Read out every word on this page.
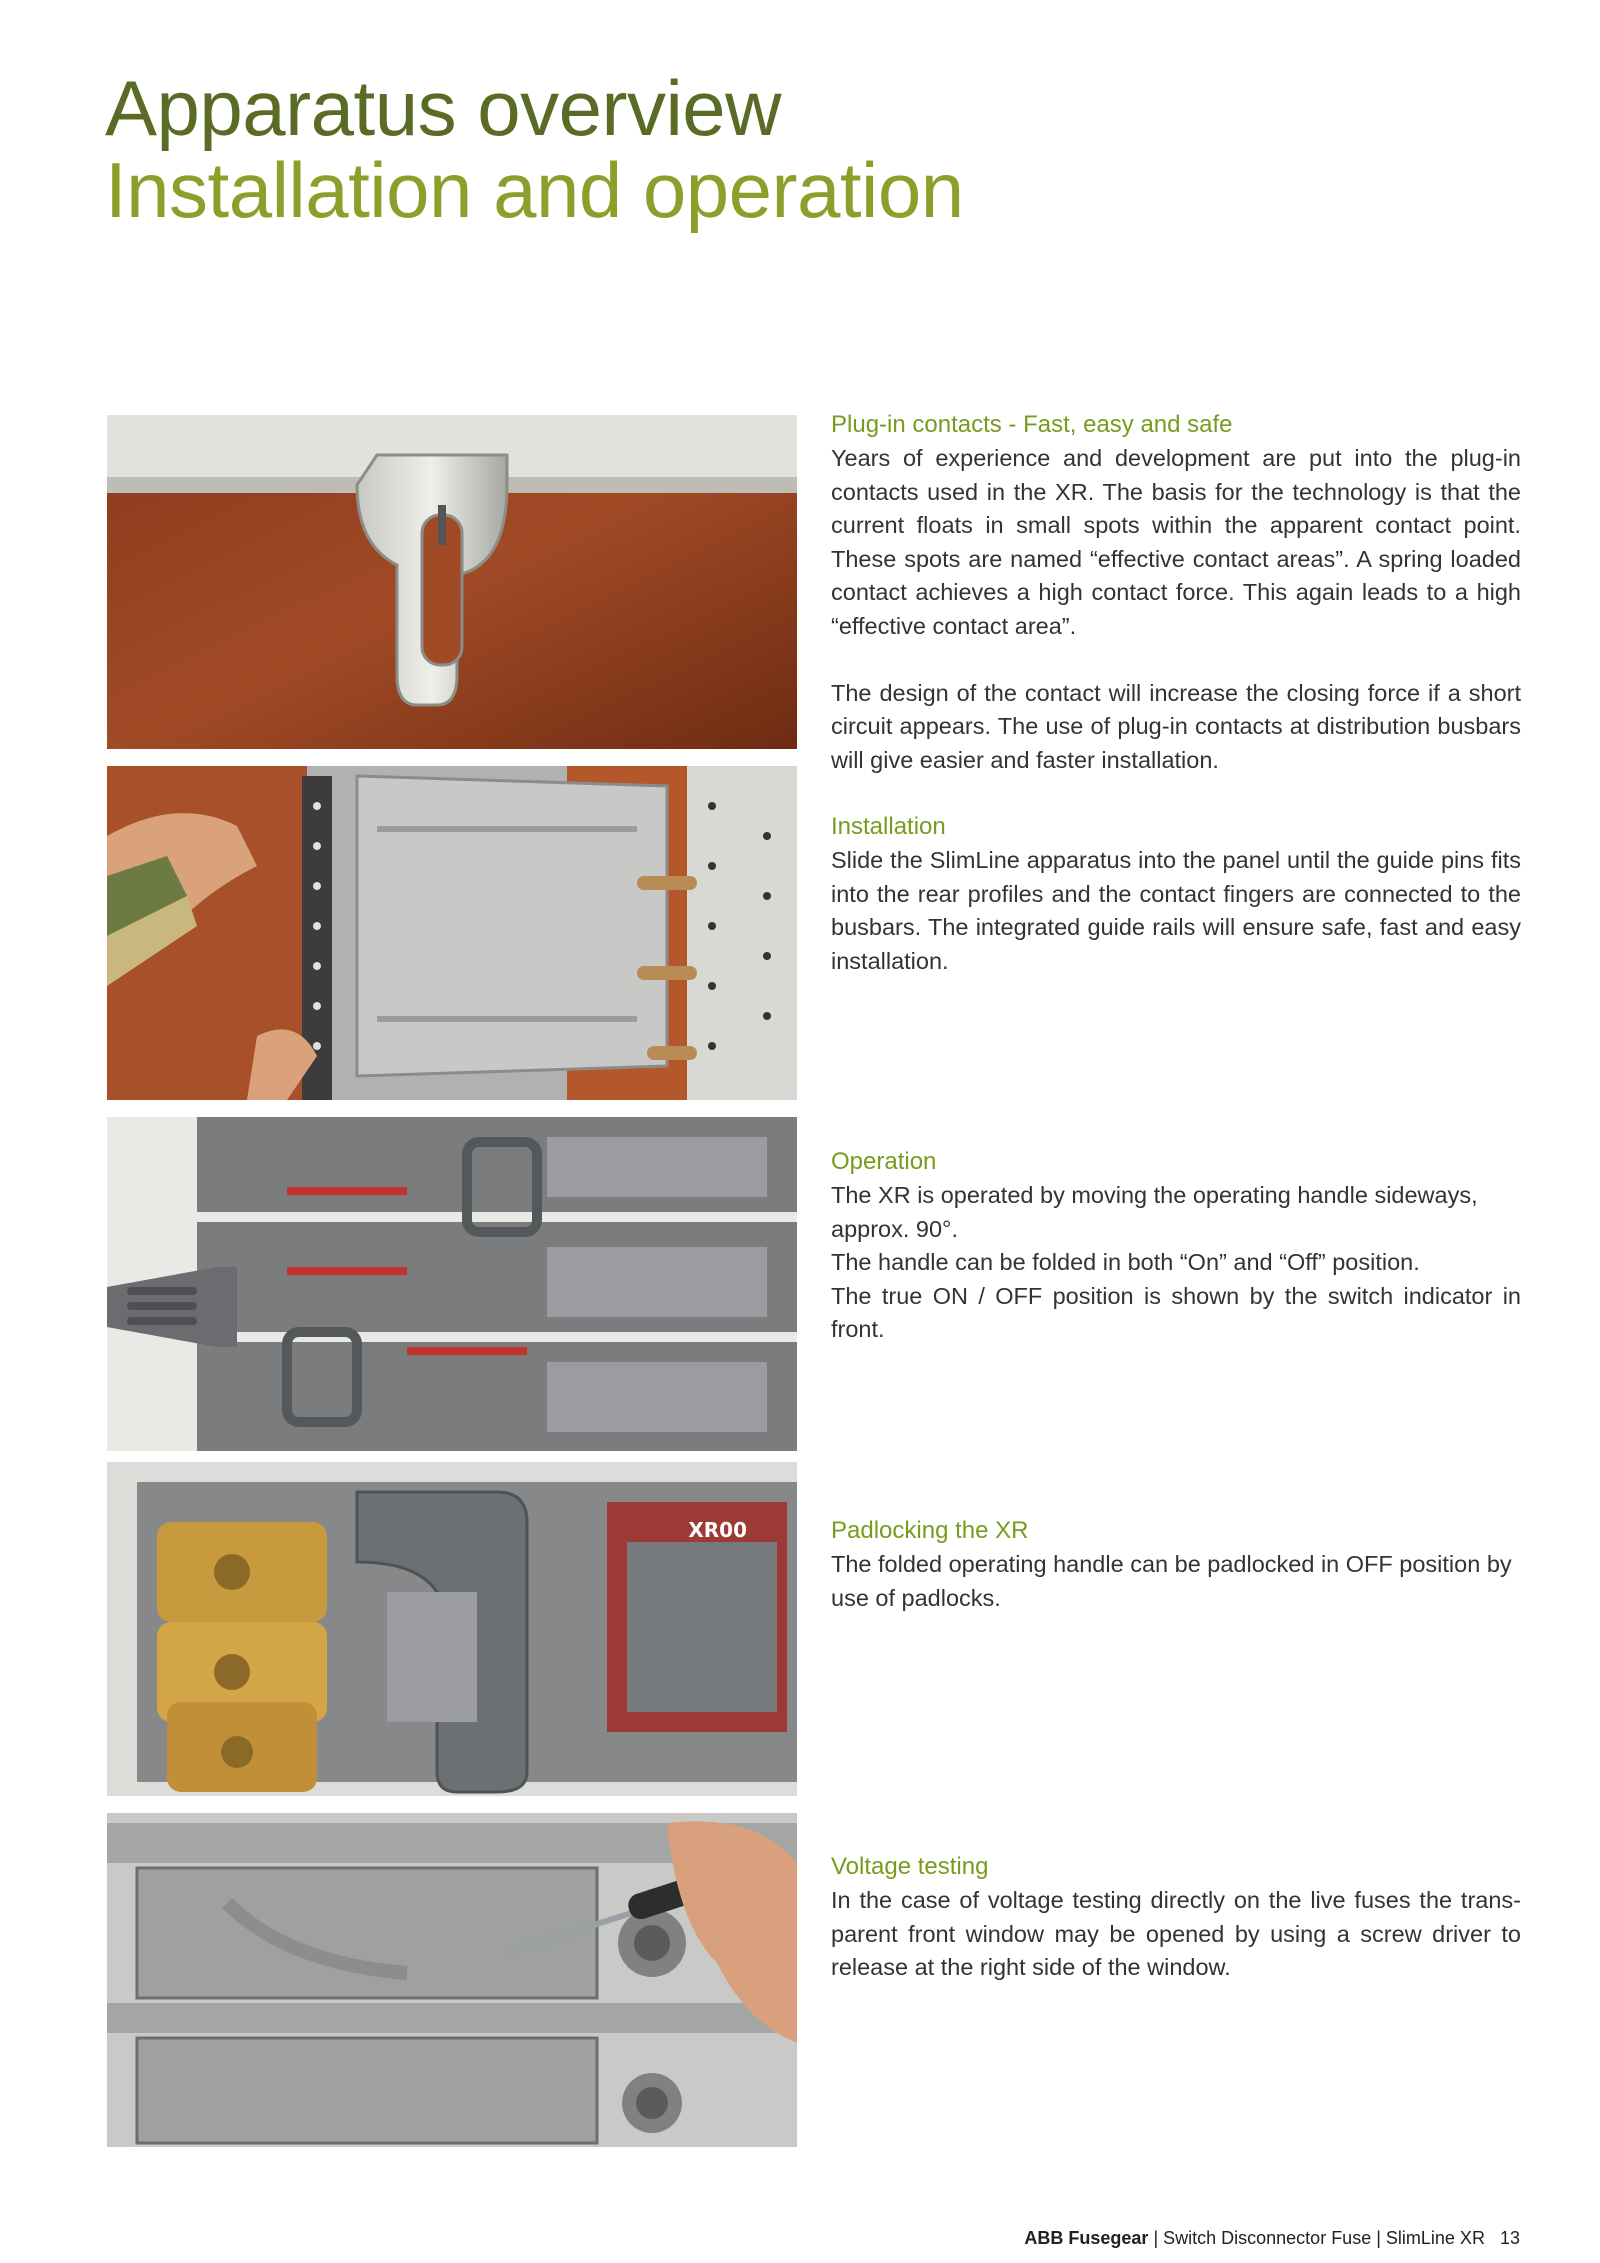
Apparatus overview
Installation and operation
XR00
Plug-in contacts - Fast, easy and safe

Years of experience and development are put into the plug-in contacts used in the XR. The basis for the technology is that the current floats in small spots within the apparent contact point. These spots are named “effective contact areas”. A spring loaded contact achieves a high contact force. This again leads to a high “effective contact area”.

The design of the contact will increase the closing force if a short circuit appears. The use of plug-in contacts at distribution busbars will give easier and faster installation.

Installation

Slide the SlimLine apparatus into the panel until the guide pins fits into the rear profiles and the contact fingers are connected to the busbars. The integrated guide rails will ensure safe, fast and easy installation.

Operation

The XR is operated by moving the operating handle sideways, approx. 90°.

The handle can be folded in both “On” and “Off” position.

The true ON / OFF position is shown by the switch indicator in front.

Padlocking the XR

The folded operating handle can be padlocked in OFF position by use of padlocks.

Voltage testing

In the case of voltage testing directly on the live fuses the trans-parent front window may be opened by using a screw driver to release at the right side of the window.

ABB Fusegear | Switch Disconnector Fuse | SlimLine XR 13
